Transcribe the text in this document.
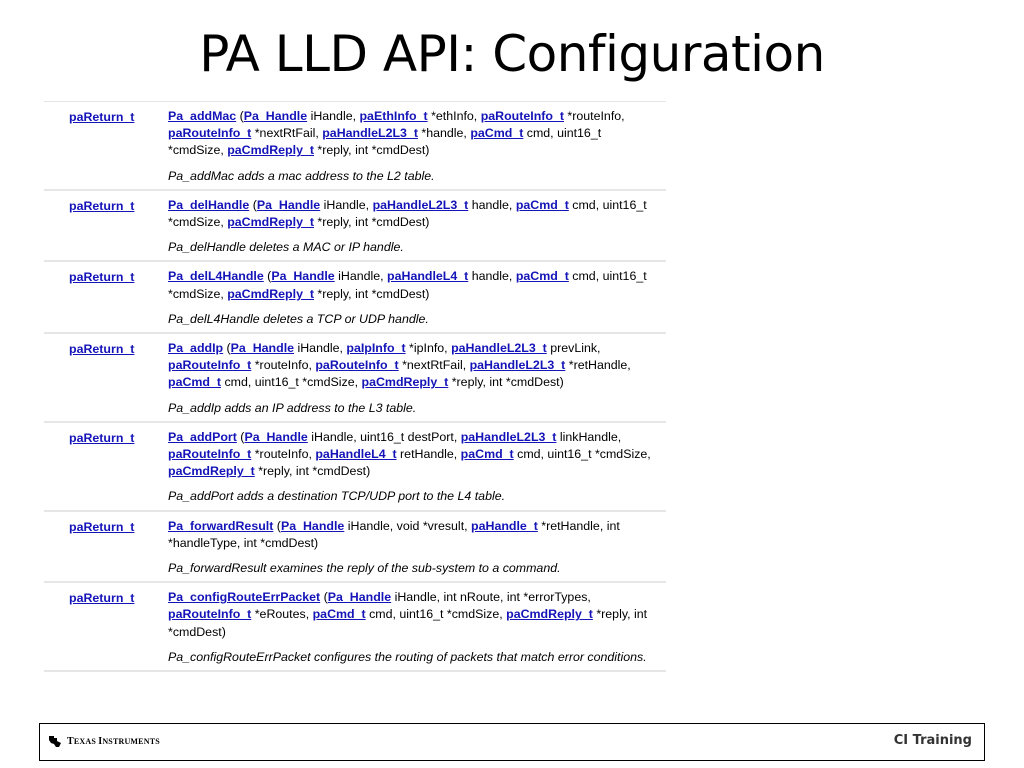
PA LLD API: Configuration
paReturn_t	Pa_addMac (Pa_Handle iHandle, paEthInfo_t *ethInfo, paRouteInfo_t *routeInfo, paRouteInfo_t *nextRtFail, paHandleL2L3_t *handle, paCmd_t cmd, uint16_t *cmdSize, paCmdReply_t *reply, int *cmdDest)

Pa_addMac adds a mac address to the L2 table.

paReturn_t	Pa_delHandle (Pa_Handle iHandle, paHandleL2L3_t handle, paCmd_t cmd, uint16_t *cmdSize, paCmdReply_t *reply, int *cmdDest)

Pa_delHandle deletes a MAC or IP handle.

paReturn_t	Pa_delL4Handle (Pa_Handle iHandle, paHandleL4_t handle, paCmd_t cmd, uint16_t *cmdSize, paCmdReply_t *reply, int *cmdDest)

Pa_delL4Handle deletes a TCP or UDP handle.

paReturn_t	Pa_addIp (Pa_Handle iHandle, paIpInfo_t *ipInfo, paHandleL2L3_t prevLink, paRouteInfo_t *routeInfo, paRouteInfo_t *nextRtFail, paHandleL2L3_t *retHandle, paCmd_t cmd, uint16_t *cmdSize, paCmdReply_t *reply, int *cmdDest)

Pa_addIp adds an IP address to the L3 table.

paReturn_t	Pa_addPort (Pa_Handle iHandle, uint16_t destPort, paHandleL2L3_t linkHandle, paRouteInfo_t *routeInfo, paHandleL4_t retHandle, paCmd_t cmd, uint16_t *cmdSize, paCmdReply_t *reply, int *cmdDest)

Pa_addPort adds a destination TCP/UDP port to the L4 table.

paReturn_t	Pa_forwardResult (Pa_Handle iHandle, void *vresult, paHandle_t *retHandle, int *handleType, int *cmdDest)

Pa_forwardResult examines the reply of the sub-system to a command.

paReturn_t	Pa_configRouteErrPacket (Pa_Handle iHandle, int nRoute, int *errorTypes, paRouteInfo_t *eRoutes, paCmd_t cmd, uint16_t *cmdSize, paCmdReply_t *reply, int *cmdDest)

Pa_configRouteErrPacket configures the routing of packets that match error conditions.

TEXAS INSTRUMENTS	CI Training
